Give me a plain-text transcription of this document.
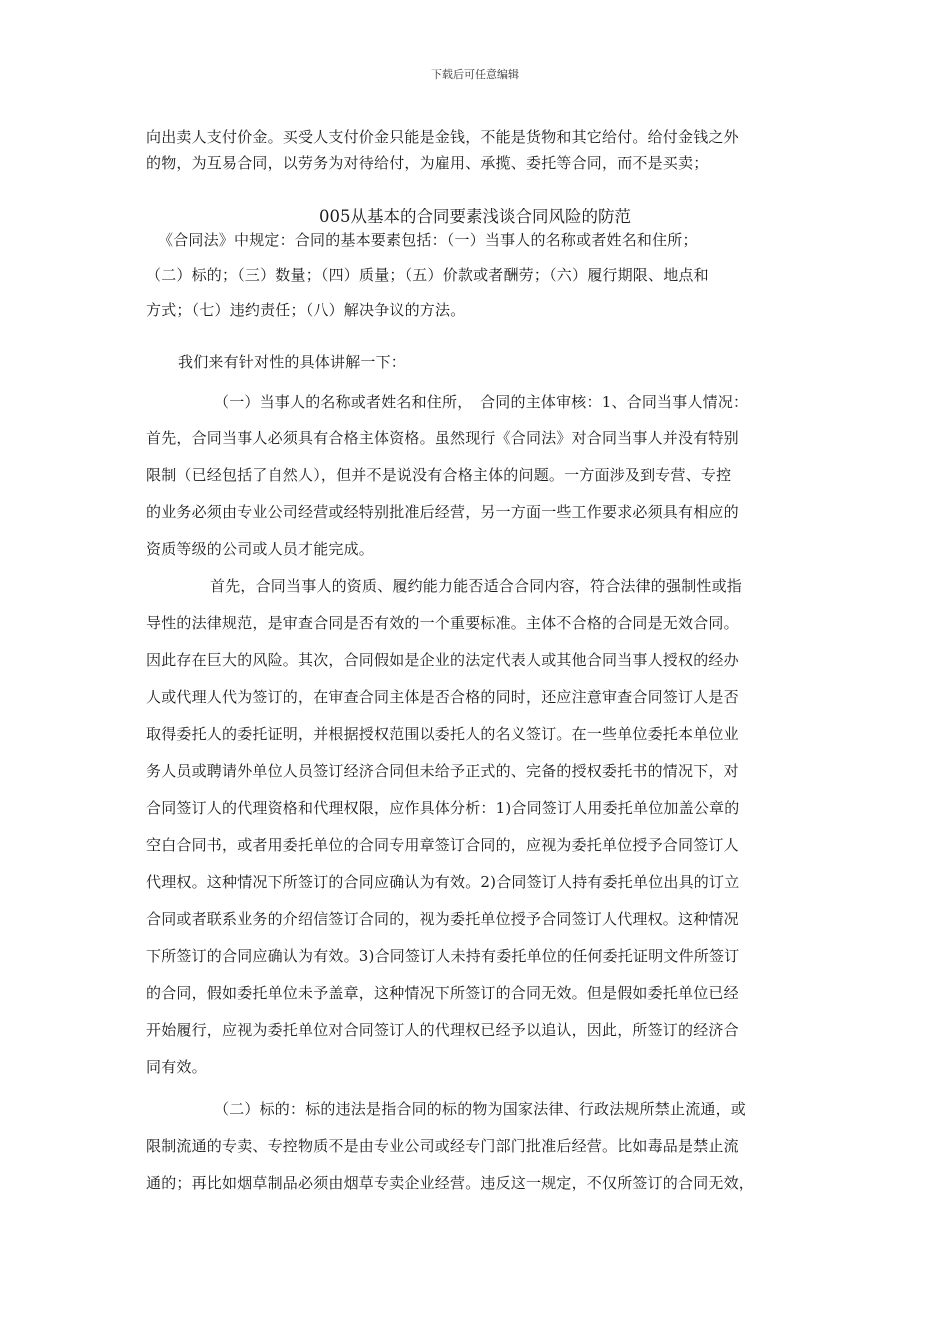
下载后可任意编辑
向出卖人支付价金。买受人支付价金只能是金钱，不能是货物和其它给付。给付金钱之外
的物，为互易合同，以劳务为对待给付，为雇用、承揽、委托等合同，而不是买卖；
005从基本的合同要素浅谈合同风险的防范
《合同法》中规定：合同的基本要素包括：（一）当事人的名称或者姓名和住所；
（二）标的；（三）数量；（四）质量；（五）价款或者酬劳；（六）履行期限、地点和
方式；（七）违约责任；（八）解决争议的方法。
我们来有针对性的具体讲解一下：
（一）当事人的名称或者姓名和住所，　合同的主体审核：1、合同当事人情况：
首先，合同当事人必须具有合格主体资格。虽然现行《合同法》对合同当事人并没有特别
限制（已经包括了自然人），但并不是说没有合格主体的问题。一方面涉及到专营、专控
的业务必须由专业公司经营或经特别批准后经营，另一方面一些工作要求必须具有相应的
资质等级的公司或人员才能完成。
首先，合同当事人的资质、履约能力能否适合合同内容，符合法律的强制性或指
导性的法律规范，是审查合同是否有效的一个重要标准。主体不合格的合同是无效合同。
因此存在巨大的风险。其次，合同假如是企业的法定代表人或其他合同当事人授权的经办
人或代理人代为签订的，在审查合同主体是否合格的同时，还应注意审查合同签订人是否
取得委托人的委托证明，并根据授权范围以委托人的名义签订。在一些单位委托本单位业
务人员或聘请外单位人员签订经济合同但未给予正式的、完备的授权委托书的情况下，对
合同签订人的代理资格和代理权限，应作具体分析：1)合同签订人用委托单位加盖公章的
空白合同书，或者用委托单位的合同专用章签订合同的，应视为委托单位授予合同签订人
代理权。这种情况下所签订的合同应确认为有效。2)合同签订人持有委托单位出具的订立
合同或者联系业务的介绍信签订合同的，视为委托单位授予合同签订人代理权。这种情况
下所签订的合同应确认为有效。3)合同签订人未持有委托单位的任何委托证明文件所签订
的合同，假如委托单位未予盖章，这种情况下所签订的合同无效。但是假如委托单位已经
开始履行，应视为委托单位对合同签订人的代理权已经予以追认，因此，所签订的经济合
同有效。
（二）标的：标的违法是指合同的标的物为国家法律、行政法规所禁止流通，或
限制流通的专卖、专控物质不是由专业公司或经专门部门批准后经营。比如毒品是禁止流
通的；再比如烟草制品必须由烟草专卖企业经营。违反这一规定，不仅所签订的合同无效，
